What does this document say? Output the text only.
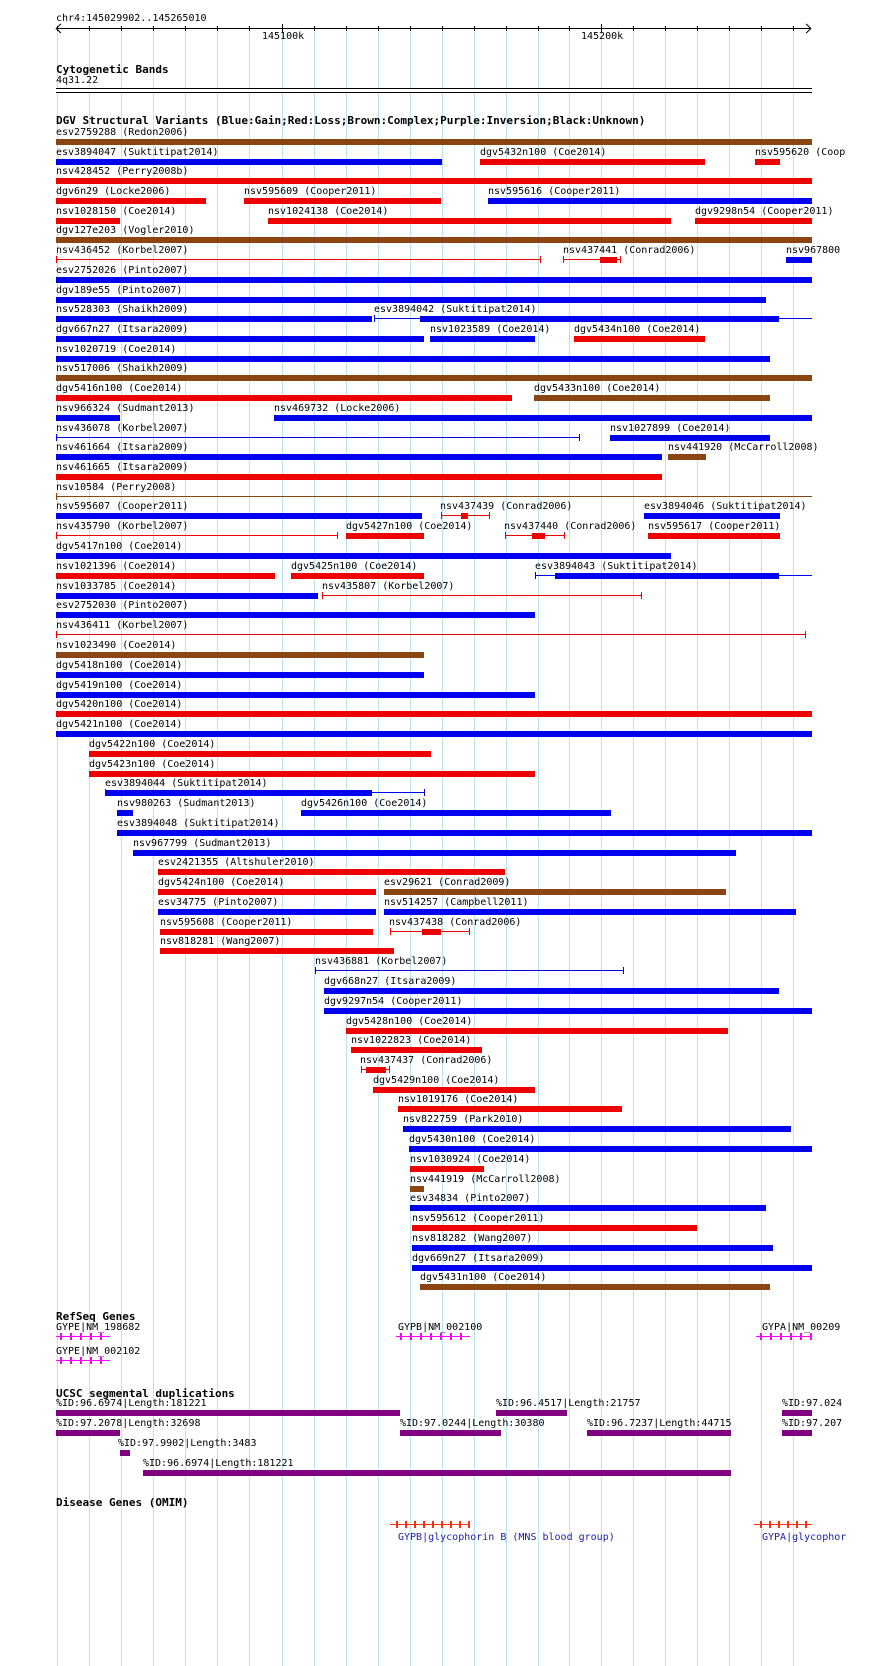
chr4:145029902..145265010
145100k	145200k
Cytogenetic Bands
4q31.22
DGV Structural Variants (Blue:Gain;Red:Loss;Brown:Complex;Purple:Inversion;Black:Unknown)
RefSeq Genes
UCSC segmental duplications
Disease Genes (OMIM)
esv2759288 (Redon2006)
esv3894047 (Suktitipat2014)	dgv5432n100 (Coe2014)	nsv595620 (Coop
nsv428452 (Perry2008b)
dgv6n29 (Locke2006)	nsv595609 (Cooper2011)	nsv595616 (Cooper2011)
nsv1028150 (Coe2014)	nsv1024138 (Coe2014)	dgv9298n54 (Cooper2011)
dgv127e203 (Vogler2010)
nsv436452 (Korbel2007)	nsv437441 (Conrad2006)	nsv967800
esv2752026 (Pinto2007)
dgv189e55 (Pinto2007)
nsv528303 (Shaikh2009)	esv3894042 (Suktitipat2014)
dgv667n27 (Itsara2009)	nsv1023589 (Coe2014) dgv5434n100 (Coe2014)
nsv1020719 (Coe2014)
nsv517006 (Shaikh2009)
dgv5416n100 (Coe2014)	dgv5433n100 (Coe2014)
nsv966324 (Sudmant2013)	nsv469732 (Locke2006)
nsv436078 (Korbel2007)	nsv1027899 (Coe2014)
nsv461664 (Itsara2009)	nsv441920 (McCarroll2008)
nsv461665 (Itsara2009)
nsv10584 (Perry2008)
nsv595607 (Cooper2011)	nsv437439 (Conrad2006)	esv3894046 (Suktitipat2014)
nsv435790 (Korbel2007)	dgv5427n100 (Coe2014)	nsv437440 (Conrad2006) nsv595617 (Cooper2011)
dgv5417n100 (Coe2014)
nsv1021396 (Coe2014)	dgv5425n100 (Coe2014)	esv3894043 (Suktitipat2014)
nsv1033785 (Coe2014)	nsv435807 (Korbel2007)
esv2752030 (Pinto2007)
nsv436411 (Korbel2007)
nsv1023490 (Coe2014)
dgv5418n100 (Coe2014)
dgv5419n100 (Coe2014)
dgv5420n100 (Coe2014)
dgv5421n100 (Coe2014)
dgv5422n100 (Coe2014)
dgv5423n100 (Coe2014)
esv3894044 (Suktitipat2014)
nsv980263 (Sudmant2013)	dgv5426n100 (Coe2014)
esv3894048 (Suktitipat2014)
nsv967799 (Sudmant2013)
esv2421355 (Altshuler2010)
dgv5424n100 (Coe2014)	esv29621 (Conrad2009)
esv34775 (Pinto2007)	nsv514257 (Campbell2011)
nsv595608 (Cooper2011)	nsv437438 (Conrad2006)
nsv818281 (Wang2007)
nsv436881 (Korbel2007)
dgv668n27 (Itsara2009)
dgv9297n54 (Cooper2011)
dgv5428n100 (Coe2014)
nsv1022823 (Coe2014)
nsv437437 (Conrad2006)
dgv5429n100 (Coe2014)
nsv1019176 (Coe2014)
nsv822759 (Park2010)
dgv5430n100 (Coe2014)
nsv1030924 (Coe2014)
nsv441919 (McCarroll2008)
esv34834 (Pinto2007)
nsv595612 (Cooper2011)
nsv818282 (Wang2007)
dgv669n27 (Itsara2009)
dgv5431n100 (Coe2014)
GYPE|NM_198682
GYPE|NM_002102
GYPB|NM_002100	GYPA|NM_00209
%ID:96.6974|Length:181221	%ID:96.4517|Length:21757	%ID:97.024
%ID:97.2078|Length:32698	%ID:97.0244|Length:30380	%ID:96.7237|Length:44715	%ID:97.207
%ID:97.9902|Length:3483
%ID:96.6974|Length:181221
GYPB|glycophorin B (MNS blood group)	GYPA|glycophor
